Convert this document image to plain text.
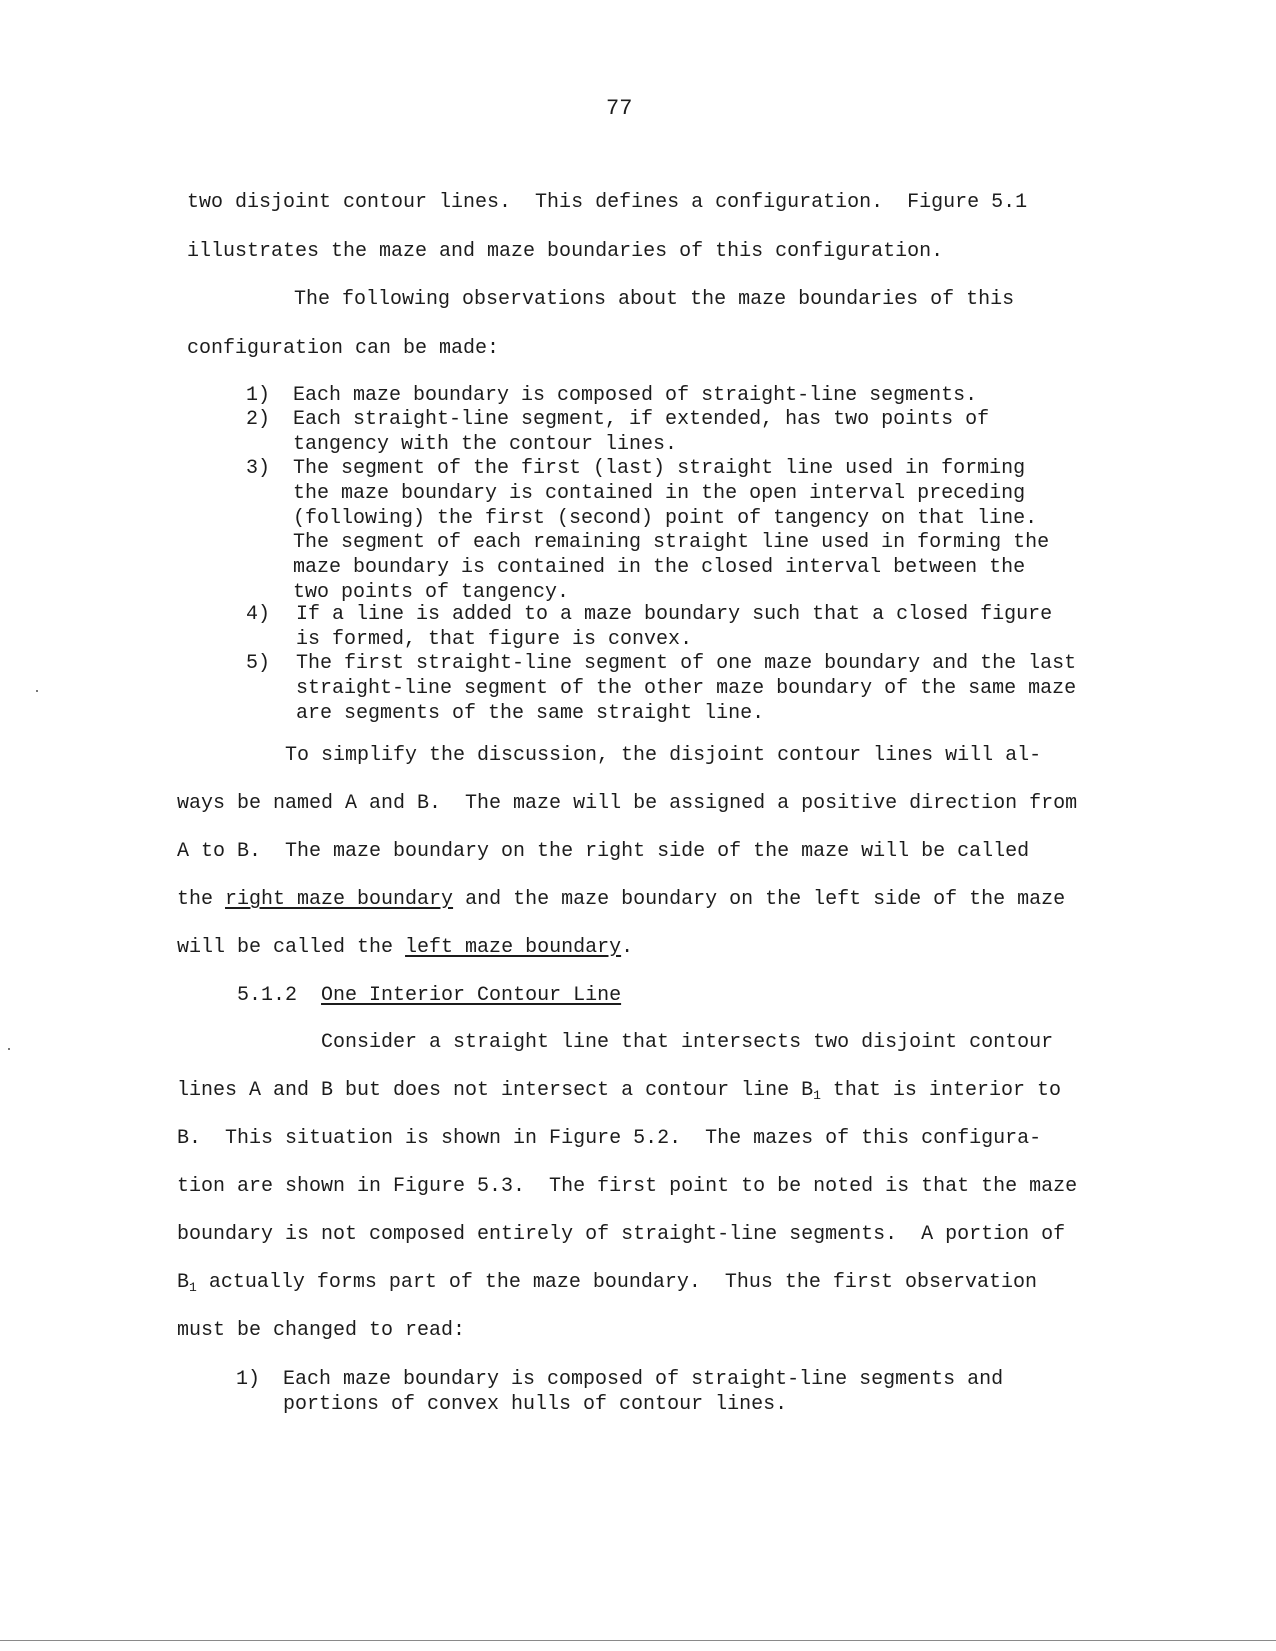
77
two disjoint contour lines.  This defines a configuration.  Figure 5.1
illustrates the maze and maze boundaries of this configuration.
The following observations about the maze boundaries of this
configuration can be made:
1) Each maze boundary is composed of straight-line segments.
2) Each straight-line segment, if extended, has two points of tangency with the contour lines.
3) The segment of the first (last) straight line used in forming the maze boundary is contained in the open interval preceding (following) the first (second) point of tangency on that line. The segment of each remaining straight line used in forming the maze boundary is contained in the closed interval between the two points of tangency.
4) If a line is added to a maze boundary such that a closed figure is formed, that figure is convex.
5) The first straight-line segment of one maze boundary and the last straight-line segment of the other maze boundary of the same maze are segments of the same straight line.
To simplify the discussion, the disjoint contour lines will al-
ways be named A and B.  The maze will be assigned a positive direction from
A to B.  The maze boundary on the right side of the maze will be called
the right maze boundary and the maze boundary on the left side of the maze
will be called the left maze boundary.
5.1.2 One Interior Contour Line
Consider a straight line that intersects two disjoint contour
lines A and B but does not intersect a contour line $B_1$ that is interior to
B.  This situation is shown in Figure 5.2.  The mazes of this configura-
tion are shown in Figure 5.3.  The first point to be noted is that the maze
boundary is not composed entirely of straight-line segments.  A portion of
$B_1$ actually forms part of the maze boundary.  Thus the first observation
must be changed to read:
1) Each maze boundary is composed of straight-line segments and portions of convex hulls of contour lines.
